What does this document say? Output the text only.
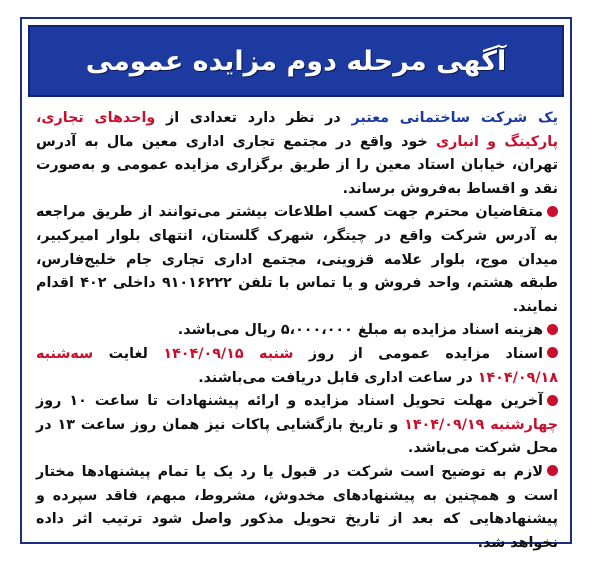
آگهی مرحله دوم مزایده عمومی

یک شرکت ساختمانی معتبر در نظر دارد تعدادی از واحدهای تجاری، پارکینگ و انباری خود واقع در مجتمع تجاری اداری معین مال به آدرس تهران، خیابان استاد معین را از طریق برگزاری مزایده عمومی و به‌صورت نقد و اقساط به‌فروش برساند.

متقاضیان محترم جهت کسب اطلاعات بیشتر می‌توانند از طریق مراجعه به آدرس شرکت واقع در چیتگر، شهرک گلستان، انتهای بلوار امیرکبیر، میدان موج، بلوار علامه قزوینی، مجتمع اداری تجاری جام خلیج‌فارس، طبقه هشتم، واحد فروش و یا تماس با تلفن ۹۱۰۱۶۲۲۲ داخلی ۴۰۲ اقدام نمایند.

هزینه اسناد مزایده به مبلغ ۵،۰۰۰،۰۰۰ ریال می‌باشد.

اسناد مزایده عمومی از روز شنبه ۱۴۰۴/۰۹/۱۵ لغایت سه‌شنبه ۱۴۰۴/۰۹/۱۸ در ساعت اداری قابل دریافت می‌باشند.

آخرین مهلت تحویل اسناد مزایده و ارائه پیشنهادات تا ساعت ۱۰ روز چهارشنبه ۱۴۰۴/۰۹/۱۹ و تاریخ بازگشایی پاکات نیز همان روز ساعت ۱۳ در محل شرکت می‌باشد.

لازم به توضیح است شرکت در قبول یا رد یک یا تمام پیشنهادها مختار است و همچنین به پیشنهادهای مخدوش، مشروط، مبهم، فاقد سپرده و پیشنهادهایی که بعد از تاریخ تحویل مذکور واصل شود ترتیب اثر داده نخواهد شد.
